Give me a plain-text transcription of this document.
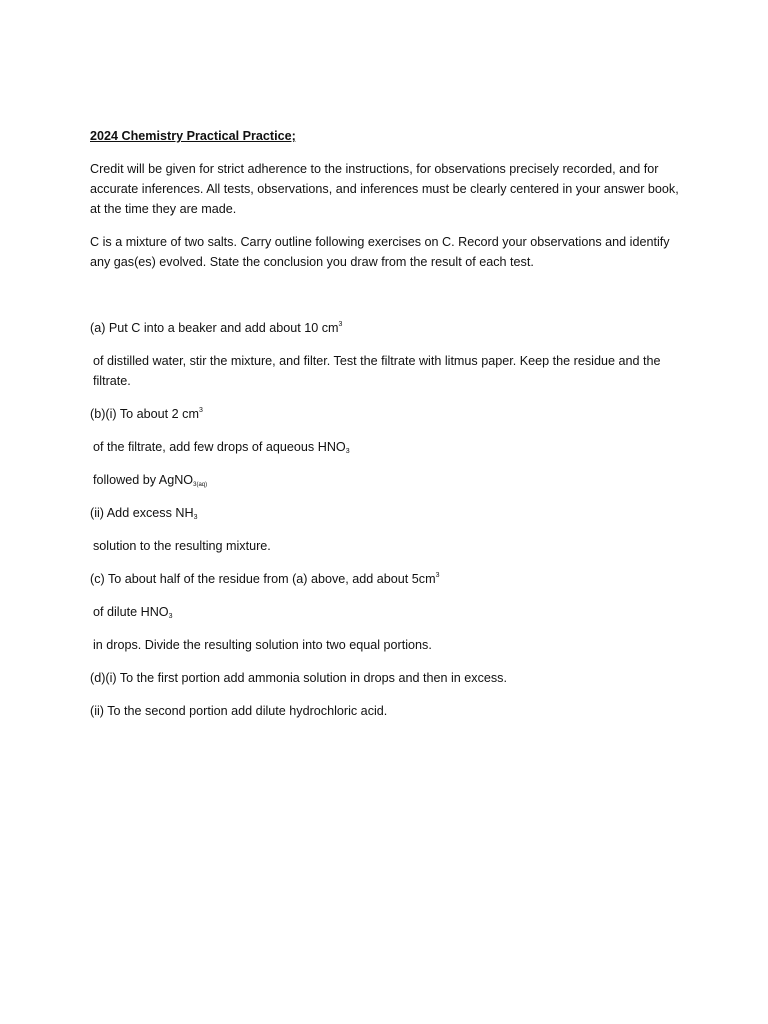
2024 Chemistry Practical Practice;
Credit will be given for strict adherence to the instructions, for observations precisely recorded, and for accurate inferences. All tests, observations, and inferences must be clearly centered in your answer book, at the time they are made.
C is a mixture of two salts. Carry outline following exercises on C. Record your observations and identify any gas(es) evolved. State the conclusion you draw from the result of each test.
(a) Put C into a beaker and add about 10 $cm^3$
of distilled water, stir the mixture, and filter. Test the filtrate with litmus paper. Keep the residue and the filtrate.
(b)(i) To about 2 $cm^3$
of the filtrate, add few drops of aqueous $HNO_3$
followed by AgNO$_{3(aq)}$
(ii) Add excess $NH_3$
solution to the resulting mixture.
(c) To about half of the residue from (a) above, add about $5cm^3$
of dilute $HNO_3$
in drops. Divide the resulting solution into two equal portions.
(d)(i) To the first portion add ammonia solution in drops and then in excess.
(ii) To the second portion add dilute hydrochloric acid.
